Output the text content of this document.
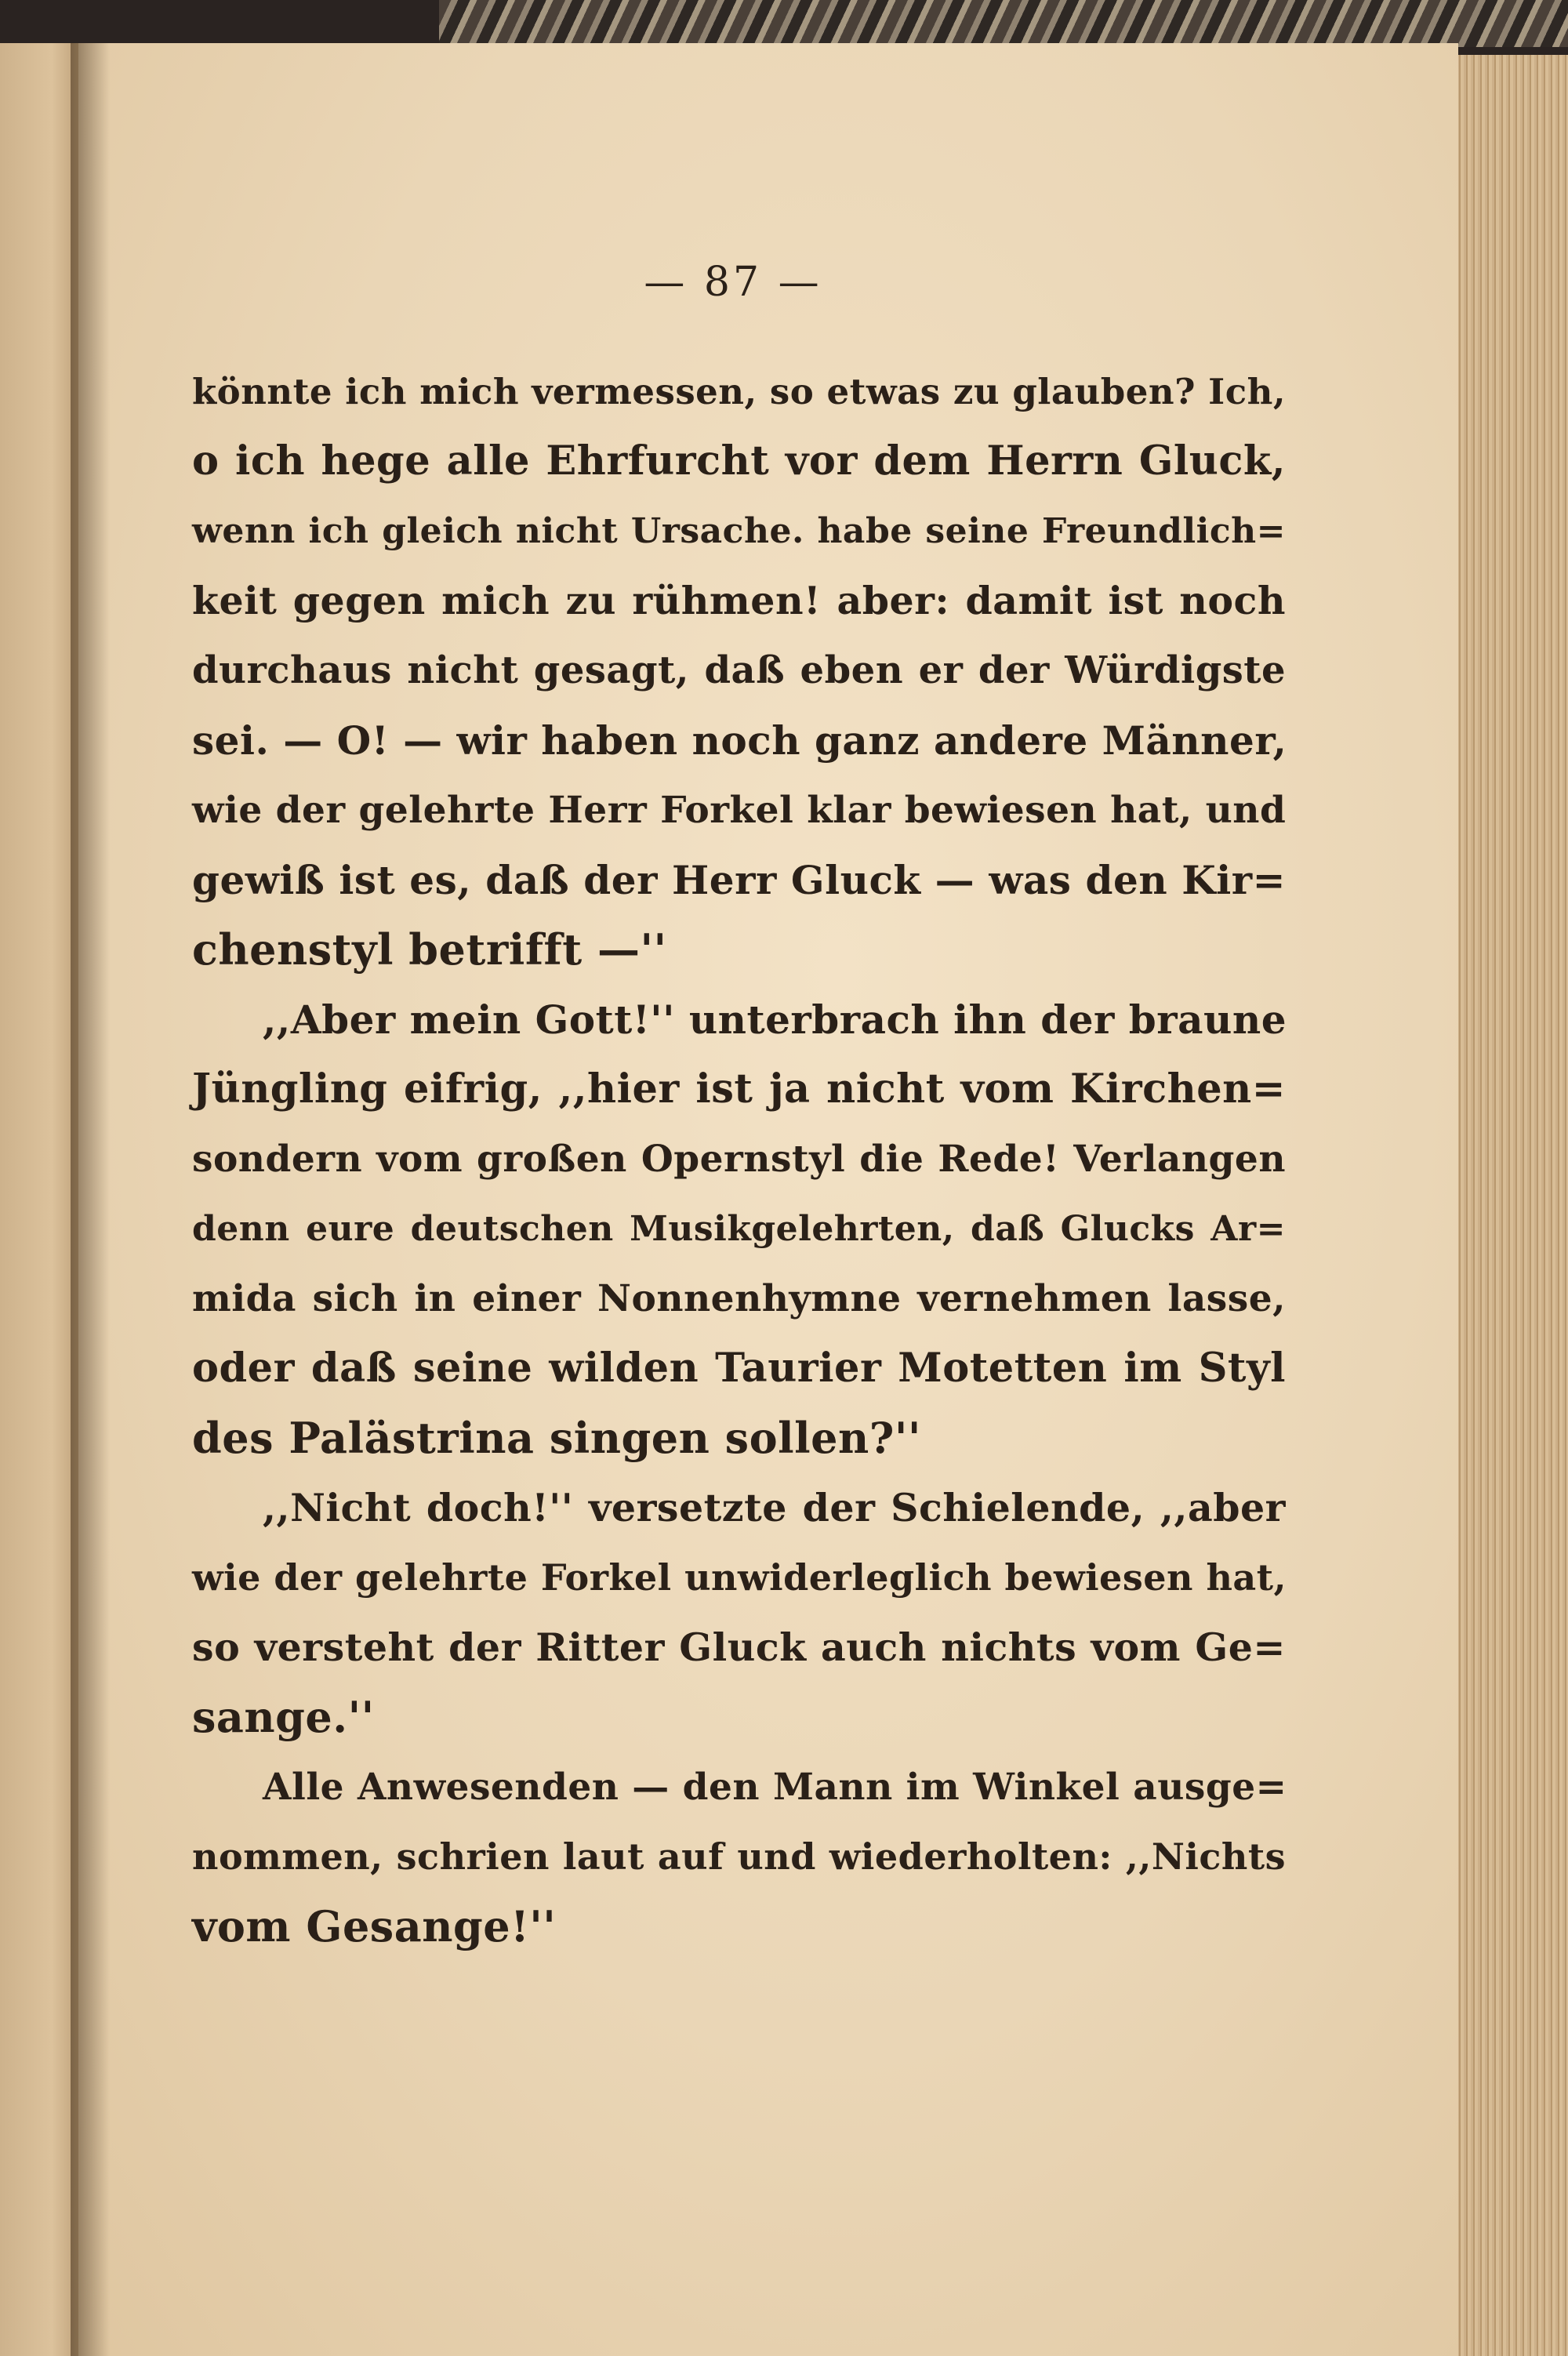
— 87 —
könnte ich mich vermessen, so etwas zu glauben? Ich,
o ich hege alle Ehrfurcht vor dem Herrn Gluck,
wenn ich gleich nicht Ursache. habe seine Freundlich=
keit gegen mich zu rühmen! aber: damit ist noch
durchaus nicht gesagt, daß eben er der Würdigste
sei. — O! — wir haben noch ganz andere Männer,
wie der gelehrte Herr Forkel klar bewiesen hat, und
gewiß ist es, daß der Herr Gluck — was den Kir=
chenstyl betrifft —''
,,Aber mein Gott!'' unterbrach ihn der braune
Jüngling eifrig, ,,hier ist ja nicht vom Kirchen=
sondern vom großen Opernstyl die Rede! Verlangen
denn eure deutschen Musikgelehrten, daß Glucks Ar=
mida sich in einer Nonnenhymne vernehmen lasse,
oder daß seine wilden Taurier Motetten im Styl
des Palästrina singen sollen?''
,,Nicht doch!'' versetzte der Schielende, ,,aber
wie der gelehrte Forkel unwiderleglich bewiesen hat,
so versteht der Ritter Gluck auch nichts vom Ge=
sange.''
Alle Anwesenden — den Mann im Winkel ausge=
nommen, schrien laut auf und wiederholten: ,,Nichts
vom Gesange!''
